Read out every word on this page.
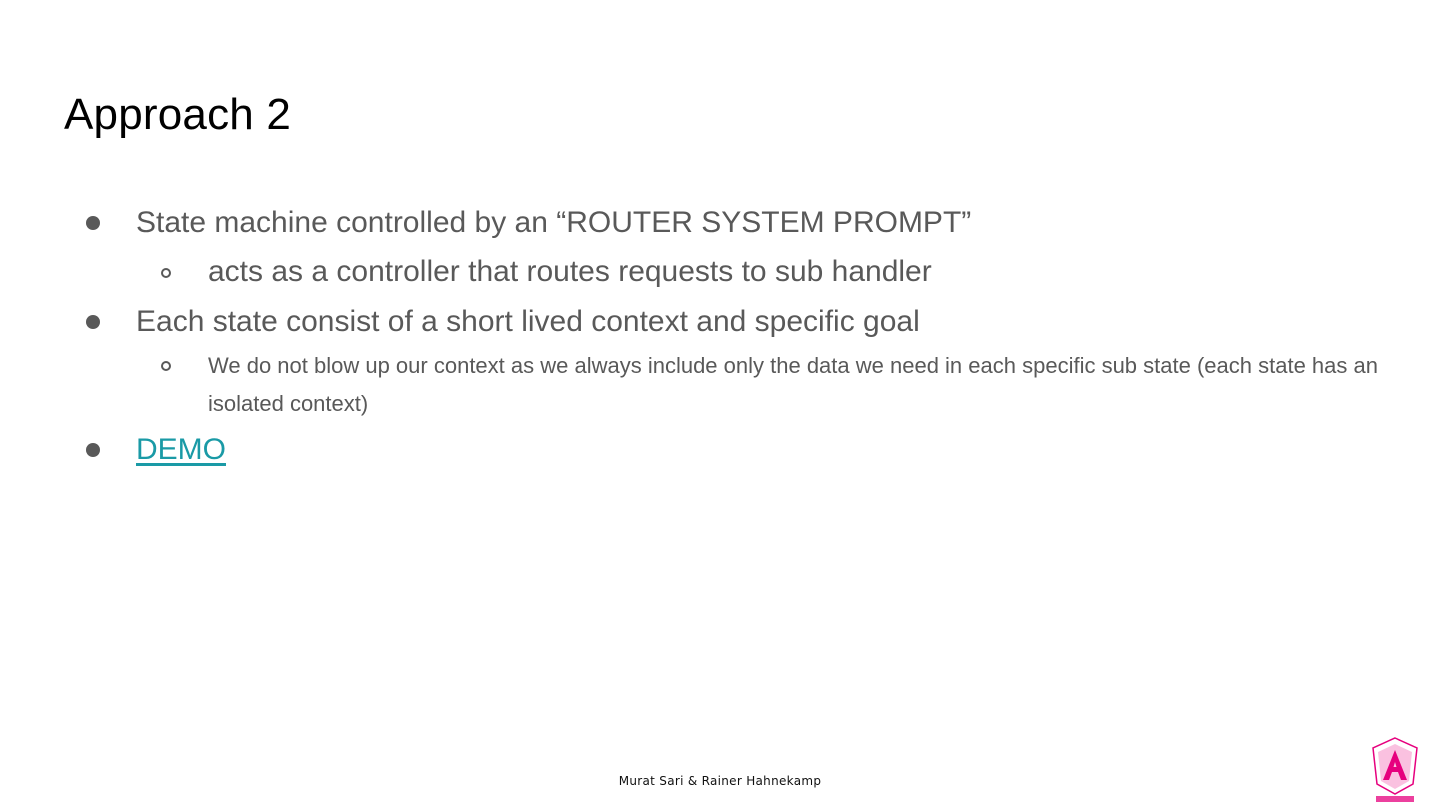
Approach 2
State machine controlled by an “ROUTER SYSTEM PROMPT”
acts as a controller that routes requests to sub handler
Each state consist of a short lived context and specific goal
We do not blow up our context as we always include only the data we need in each specific sub state (each state has an isolated context)
DEMO
Murat Sari & Rainer Hahnekamp
